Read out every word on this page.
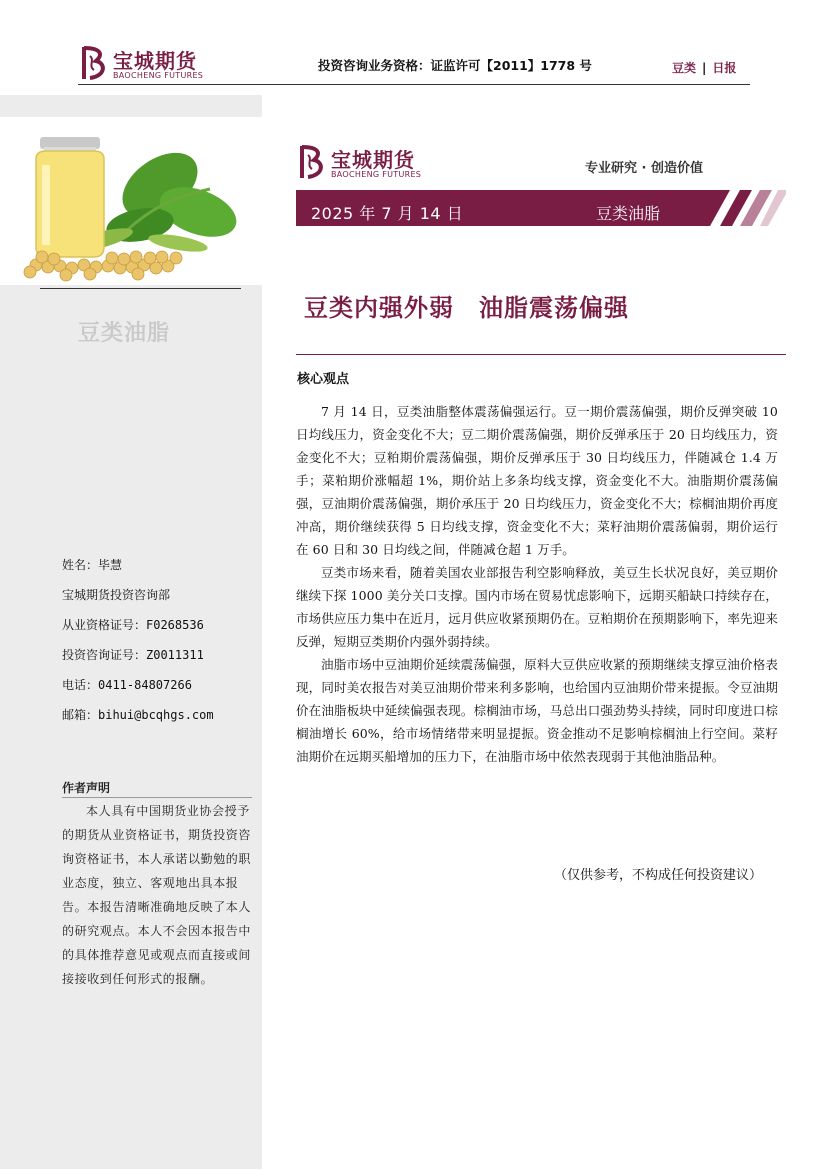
宝城期货
BAOCHENG FUTURES
投资咨询业务资格：证监许可【2011】1778 号	豆类 | 日报
豆类油脂
姓名：毕慧
宝城期货投资咨询部
从业资格证号：F0268536
投资咨询证号：Z0011311
电话：0411-84807266
邮箱：bihui@bcqhgs.com
作者声明
本人具有中国期货业协会授予的期货从业资格证书，期货投资咨询资格证书，本人承诺以勤勉的职业态度，独立、客观地出具本报告。本报告清晰准确地反映了本人的研究观点。本人不会因本报告中的具体推荐意见或观点而直接或间接接收到任何形式的报酬。
宝城期货
BAOCHENG FUTURES	专业研究 · 创造价值
2025 年 7 月 14 日	豆类油脂
豆类内强外弱　油脂震荡偏强
核心观点

7 月 14 日，豆类油脂整体震荡偏强运行。豆一期价震荡偏强，期价反弹突破 10 日均线压力，资金变化不大；豆二期价震荡偏强，期价反弹承压于 20 日均线压力，资金变化不大；豆粕期价震荡偏强，期价反弹承压于 30 日均线压力，伴随减仓 1.4 万手；菜粕期价涨幅超 1%，期价站上多条均线支撑，资金变化不大。油脂期价震荡偏强，豆油期价震荡偏强，期价承压于 20 日均线压力，资金变化不大；棕榈油期价再度冲高，期价继续获得 5 日均线支撑，资金变化不大；菜籽油期价震荡偏弱，期价运行在 60 日和 30 日均线之间，伴随减仓超 1 万手。

豆类市场来看，随着美国农业部报告利空影响释放，美豆生长状况良好，美豆期价继续下探 1000 美分关口支撑。国内市场在贸易忧虑影响下，远期买船缺口持续存在，市场供应压力集中在近月，远月供应收紧预期仍在。豆粕期价在预期影响下，率先迎来反弹，短期豆类期价内强外弱持续。

油脂市场中豆油期价延续震荡偏强，原料大豆供应收紧的预期继续支撑豆油价格表现，同时美农报告对美豆油期价带来利多影响，也给国内豆油期价带来提振。令豆油期价在油脂板块中延续偏强表现。棕榈油市场，马总出口强劲势头持续，同时印度进口棕榈油增长 60%，给市场情绪带来明显提振。资金推动不足影响棕榈油上行空间。菜籽油期价在远期买船增加的压力下，在油脂市场中依然表现弱于其他油脂品种。

（仅供参考，不构成任何投资建议）
